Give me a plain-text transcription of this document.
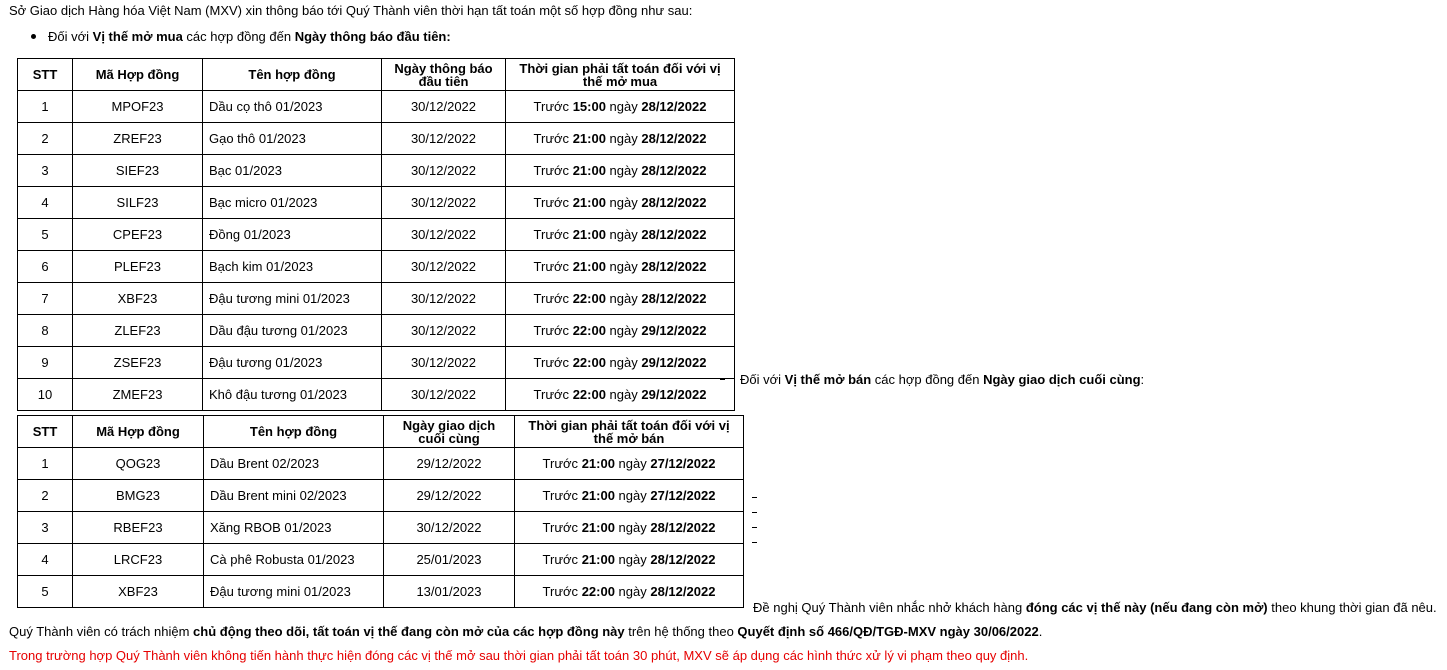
Sở Giao dịch Hàng hóa Việt Nam (MXV) xin thông báo tới Quý Thành viên thời hạn tất toán một số hợp đồng như sau:
Đối với Vị thế mở mua các hợp đồng đến Ngày thông báo đầu tiên:
STT	Mã Hợp đồng	Tên hợp đồng	Ngày thông báo đầu tiên	Thời gian phải tất toán đối với vị thế mở mua
1	MPOF23	Dầu cọ thô 01/2023	30/12/2022	Trước 15:00 ngày 28/12/2022
2	ZREF23	Gạo thô 01/2023	30/12/2022	Trước 21:00 ngày 28/12/2022
3	SIEF23	Bạc 01/2023	30/12/2022	Trước 21:00 ngày 28/12/2022
4	SILF23	Bạc micro 01/2023	30/12/2022	Trước 21:00 ngày 28/12/2022
5	CPEF23	Đồng 01/2023	30/12/2022	Trước 21:00 ngày 28/12/2022
6	PLEF23	Bạch kim 01/2023	30/12/2022	Trước 21:00 ngày 28/12/2022
7	XBF23	Đậu tương mini 01/2023	30/12/2022	Trước 22:00 ngày 28/12/2022
8	ZLEF23	Dầu đậu tương 01/2023	30/12/2022	Trước 22:00 ngày 29/12/2022
9	ZSEF23	Đậu tương 01/2023	30/12/2022	Trước 22:00 ngày 29/12/2022
10	ZMEF23	Khô đậu tương 01/2023	30/12/2022	Trước 22:00 ngày 29/12/2022
Đối với Vị thế mở bán các hợp đồng đến Ngày giao dịch cuối cùng:
STT	Mã Hợp đồng	Tên hợp đồng	Ngày giao dịch cuối cùng	Thời gian phải tất toán đối với vị thế mở bán
1	QOG23	Dầu Brent 02/2023	29/12/2022	Trước 21:00 ngày 27/12/2022
2	BMG23	Dầu Brent mini 02/2023	29/12/2022	Trước 21:00 ngày 27/12/2022
3	RBEF23	Xăng RBOB 01/2023	30/12/2022	Trước 21:00 ngày 28/12/2022
4	LRCF23	Cà phê Robusta 01/2023	25/01/2023	Trước 21:00 ngày 28/12/2022
5	XBF23	Đậu tương mini 01/2023	13/01/2023	Trước 22:00 ngày 28/12/2022
Đề nghị Quý Thành viên nhắc nhở khách hàng đóng các vị thế này (nếu đang còn mở) theo khung thời gian đã nêu.
Quý Thành viên có trách nhiệm chủ động theo dõi, tất toán vị thế đang còn mở của các hợp đồng này trên hệ thống theo Quyết định số 466/QĐ/TGĐ-MXV ngày 30/06/2022.
Trong trường hợp Quý Thành viên không tiến hành thực hiện đóng các vị thế mở sau thời gian phải tất toán 30 phút, MXV sẽ áp dụng các hình thức xử lý vi phạm theo quy định.
